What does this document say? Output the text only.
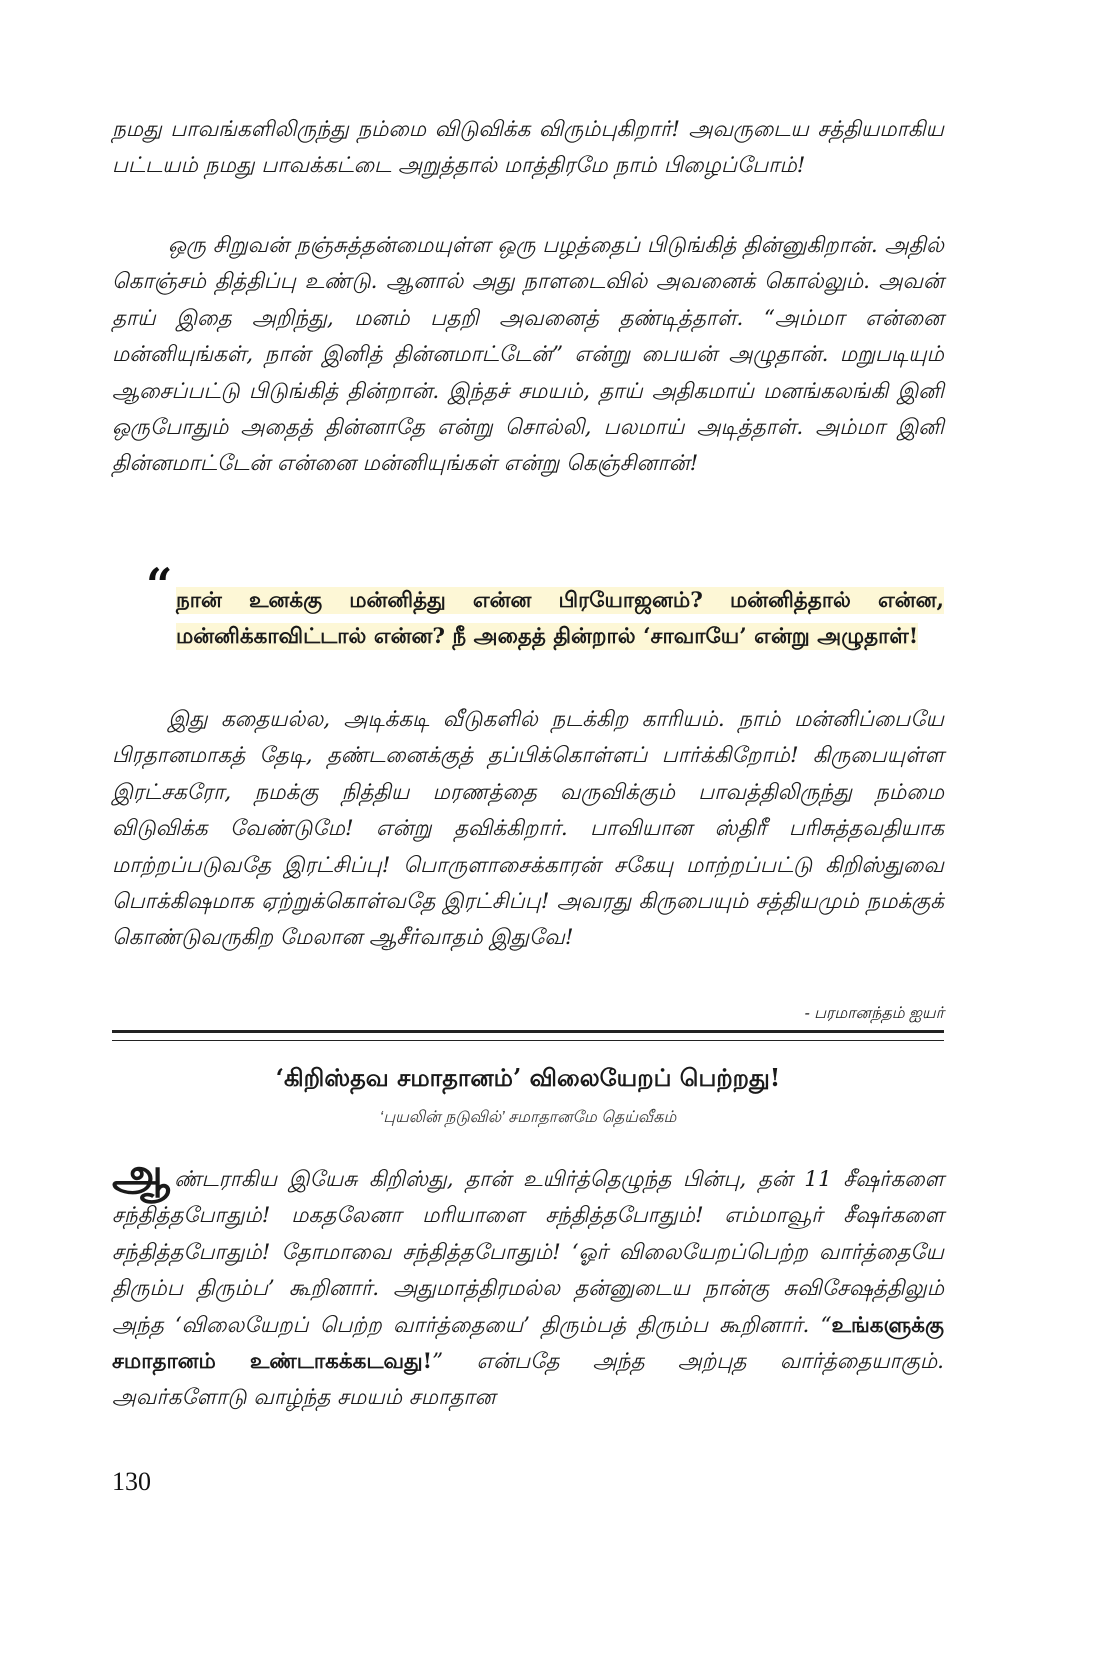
நமது பாவங்களிலிருந்து நம்மை விடுவிக்க விரும்புகிறார்! அவருடைய சத்தியமாகிய பட்டயம் நமது பாவக்கட்டை அறுத்தால் மாத்திரமே நாம் பிழைப்போம்!

ஒரு சிறுவன் நஞ்சுத்தன்மையுள்ள ஒரு பழத்தைப் பிடுங்கித் தின்னுகிறான். அதில் கொஞ்சம் தித்திப்பு உண்டு. ஆனால் அது நாளடைவில் அவனைக் கொல்லும். அவன் தாய் இதை அறிந்து, மனம் பதறி அவனைத் தண்டித்தாள். “அம்மா என்னை மன்னியுங்கள், நான் இனித் தின்னமாட்டேன்” என்று பையன் அழுதான். மறுபடியும் ஆசைப்பட்டு பிடுங்கித் தின்றான். இந்தச் சமயம், தாய் அதிகமாய் மனங்கலங்கி இனி ஒருபோதும் அதைத் தின்னாதே என்று சொல்லி, பலமாய் அடித்தாள். அம்மா இனி தின்னமாட்டேன் என்னை மன்னியுங்கள் என்று கெஞ்சினான்!

“ நான் உனக்கு மன்னித்து என்ன பிரயோஜனம்? மன்னித்தால் என்ன, மன்னிக்காவிட்டால் என்ன? நீ அதைத் தின்றால் ‘சாவாயே’ என்று அழுதாள்!

இது கதையல்ல, அடிக்கடி வீடுகளில் நடக்கிற காரியம். நாம் மன்னிப்பையே பிரதானமாகத் தேடி, தண்டனைக்குத் தப்பிக்கொள்ளப் பார்க்கிறோம்! கிருபையுள்ள இரட்சகரோ, நமக்கு நித்திய மரணத்தை வருவிக்கும் பாவத்திலிருந்து நம்மை விடுவிக்க வேண்டுமே! என்று தவிக்கிறார். பாவியான ஸ்திரீ பரிசுத்தவதியாக மாற்றப்படுவதே இரட்சிப்பு! பொருளாசைக்காரன் சகேயு மாற்றப்பட்டு கிறிஸ்துவை பொக்கிஷமாக ஏற்றுக்கொள்வதே இரட்சிப்பு! அவரது கிருபையும் சத்தியமும் நமக்குக் கொண்டுவருகிற மேலான ஆசீர்வாதம் இதுவே!

- பரமானந்தம் ஐயர்
‘கிறிஸ்தவ சமாதானம்’ விலையேறப் பெற்றது!
‘புயலின் நடுவில்’ சமாதானமே தெய்வீகம்

ஆண்டராகிய இயேசு கிறிஸ்து, தான் உயிர்த்தெழுந்த பின்பு, தன் 11 சீஷர்களை சந்தித்தபோதும்! மகதலேனா மரியாளை சந்தித்தபோதும்! எம்மாவூர் சீஷர்களை சந்தித்தபோதும்! தோமாவை சந்தித்தபோதும்! ‘ஓர் விலையேறப்பெற்ற வார்த்தையே திரும்ப திரும்ப’ கூறினார். அதுமாத்திரமல்ல தன்னுடைய நான்கு சுவிசேஷத்திலும் அந்த ‘விலையேறப் பெற்ற வார்த்தையை’ திரும்பத் திரும்ப கூறினார். “உங்களுக்கு சமாதானம் உண்டாகக்கடவது!” என்பதே அந்த அற்புத வார்த்தையாகும். அவர்களோடு வாழ்ந்த சமயம் சமாதான

130
